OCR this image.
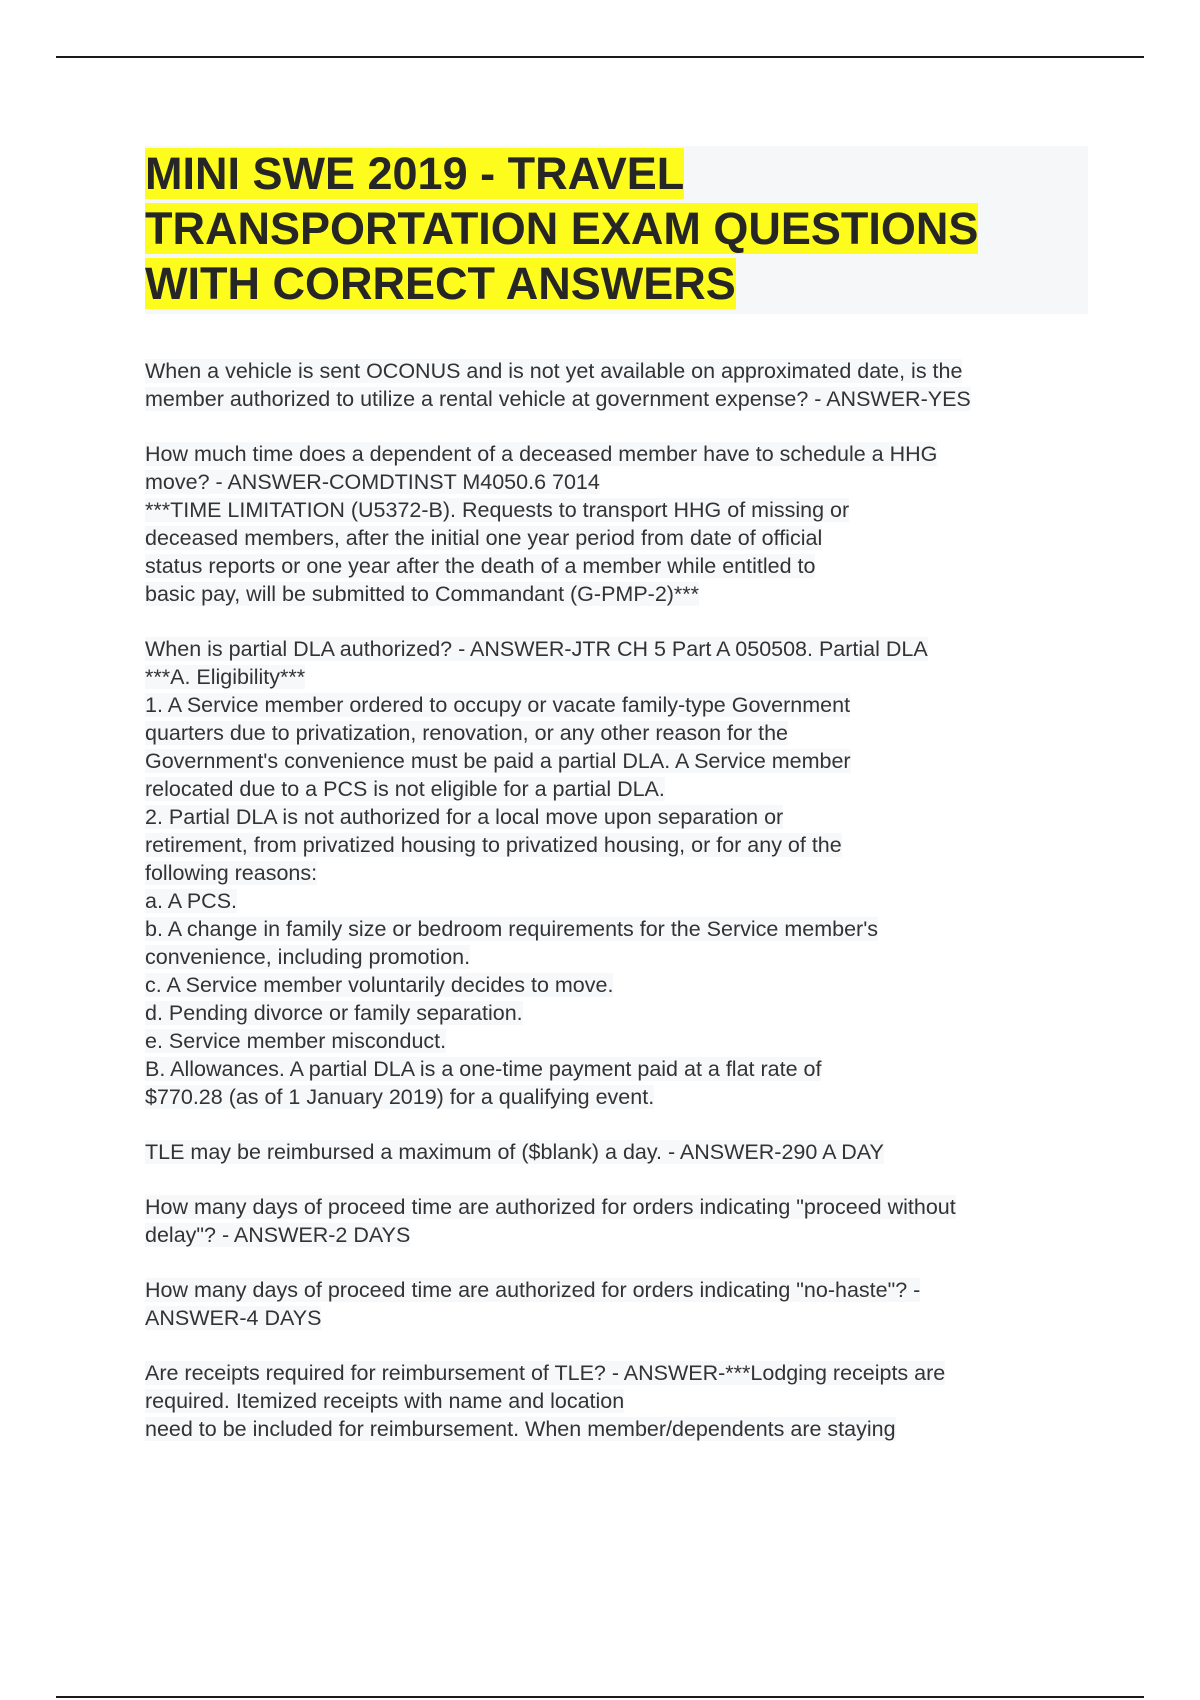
MINI SWE 2019 - TRAVEL
TRANSPORTATION EXAM QUESTIONS
WITH CORRECT ANSWERS
When a vehicle is sent OCONUS and is not yet available on approximated date, is the
member authorized to utilize a rental vehicle at government expense? - ANSWER-YES
How much time does a dependent of a deceased member have to schedule a HHG
move? - ANSWER-COMDTINST M4050.6 7014
***TIME LIMITATION (U5372-B). Requests to transport HHG of missing or
deceased members, after the initial one year period from date of official
status reports or one year after the death of a member while entitled to
basic pay, will be submitted to Commandant (G-PMP-2)***
When is partial DLA authorized? - ANSWER-JTR CH 5 Part A 050508. Partial DLA
***A. Eligibility***
1. A Service member ordered to occupy or vacate family-type Government
quarters due to privatization, renovation, or any other reason for the
Government's convenience must be paid a partial DLA. A Service member
relocated due to a PCS is not eligible for a partial DLA.
2. Partial DLA is not authorized for a local move upon separation or
retirement, from privatized housing to privatized housing, or for any of the
following reasons:
a. A PCS.
b. A change in family size or bedroom requirements for the Service member's
convenience, including promotion.
c. A Service member voluntarily decides to move.
d. Pending divorce or family separation.
e. Service member misconduct.
B. Allowances. A partial DLA is a one-time payment paid at a flat rate of
$770.28 (as of 1 January 2019) for a qualifying event.
TLE may be reimbursed a maximum of ($blank) a day. - ANSWER-290 A DAY
How many days of proceed time are authorized for orders indicating "proceed without
delay"? - ANSWER-2 DAYS
How many days of proceed time are authorized for orders indicating "no-haste"? -
ANSWER-4 DAYS
Are receipts required for reimbursement of TLE? - ANSWER-***Lodging receipts are
required. Itemized receipts with name and location
need to be included for reimbursement. When member/dependents are staying
